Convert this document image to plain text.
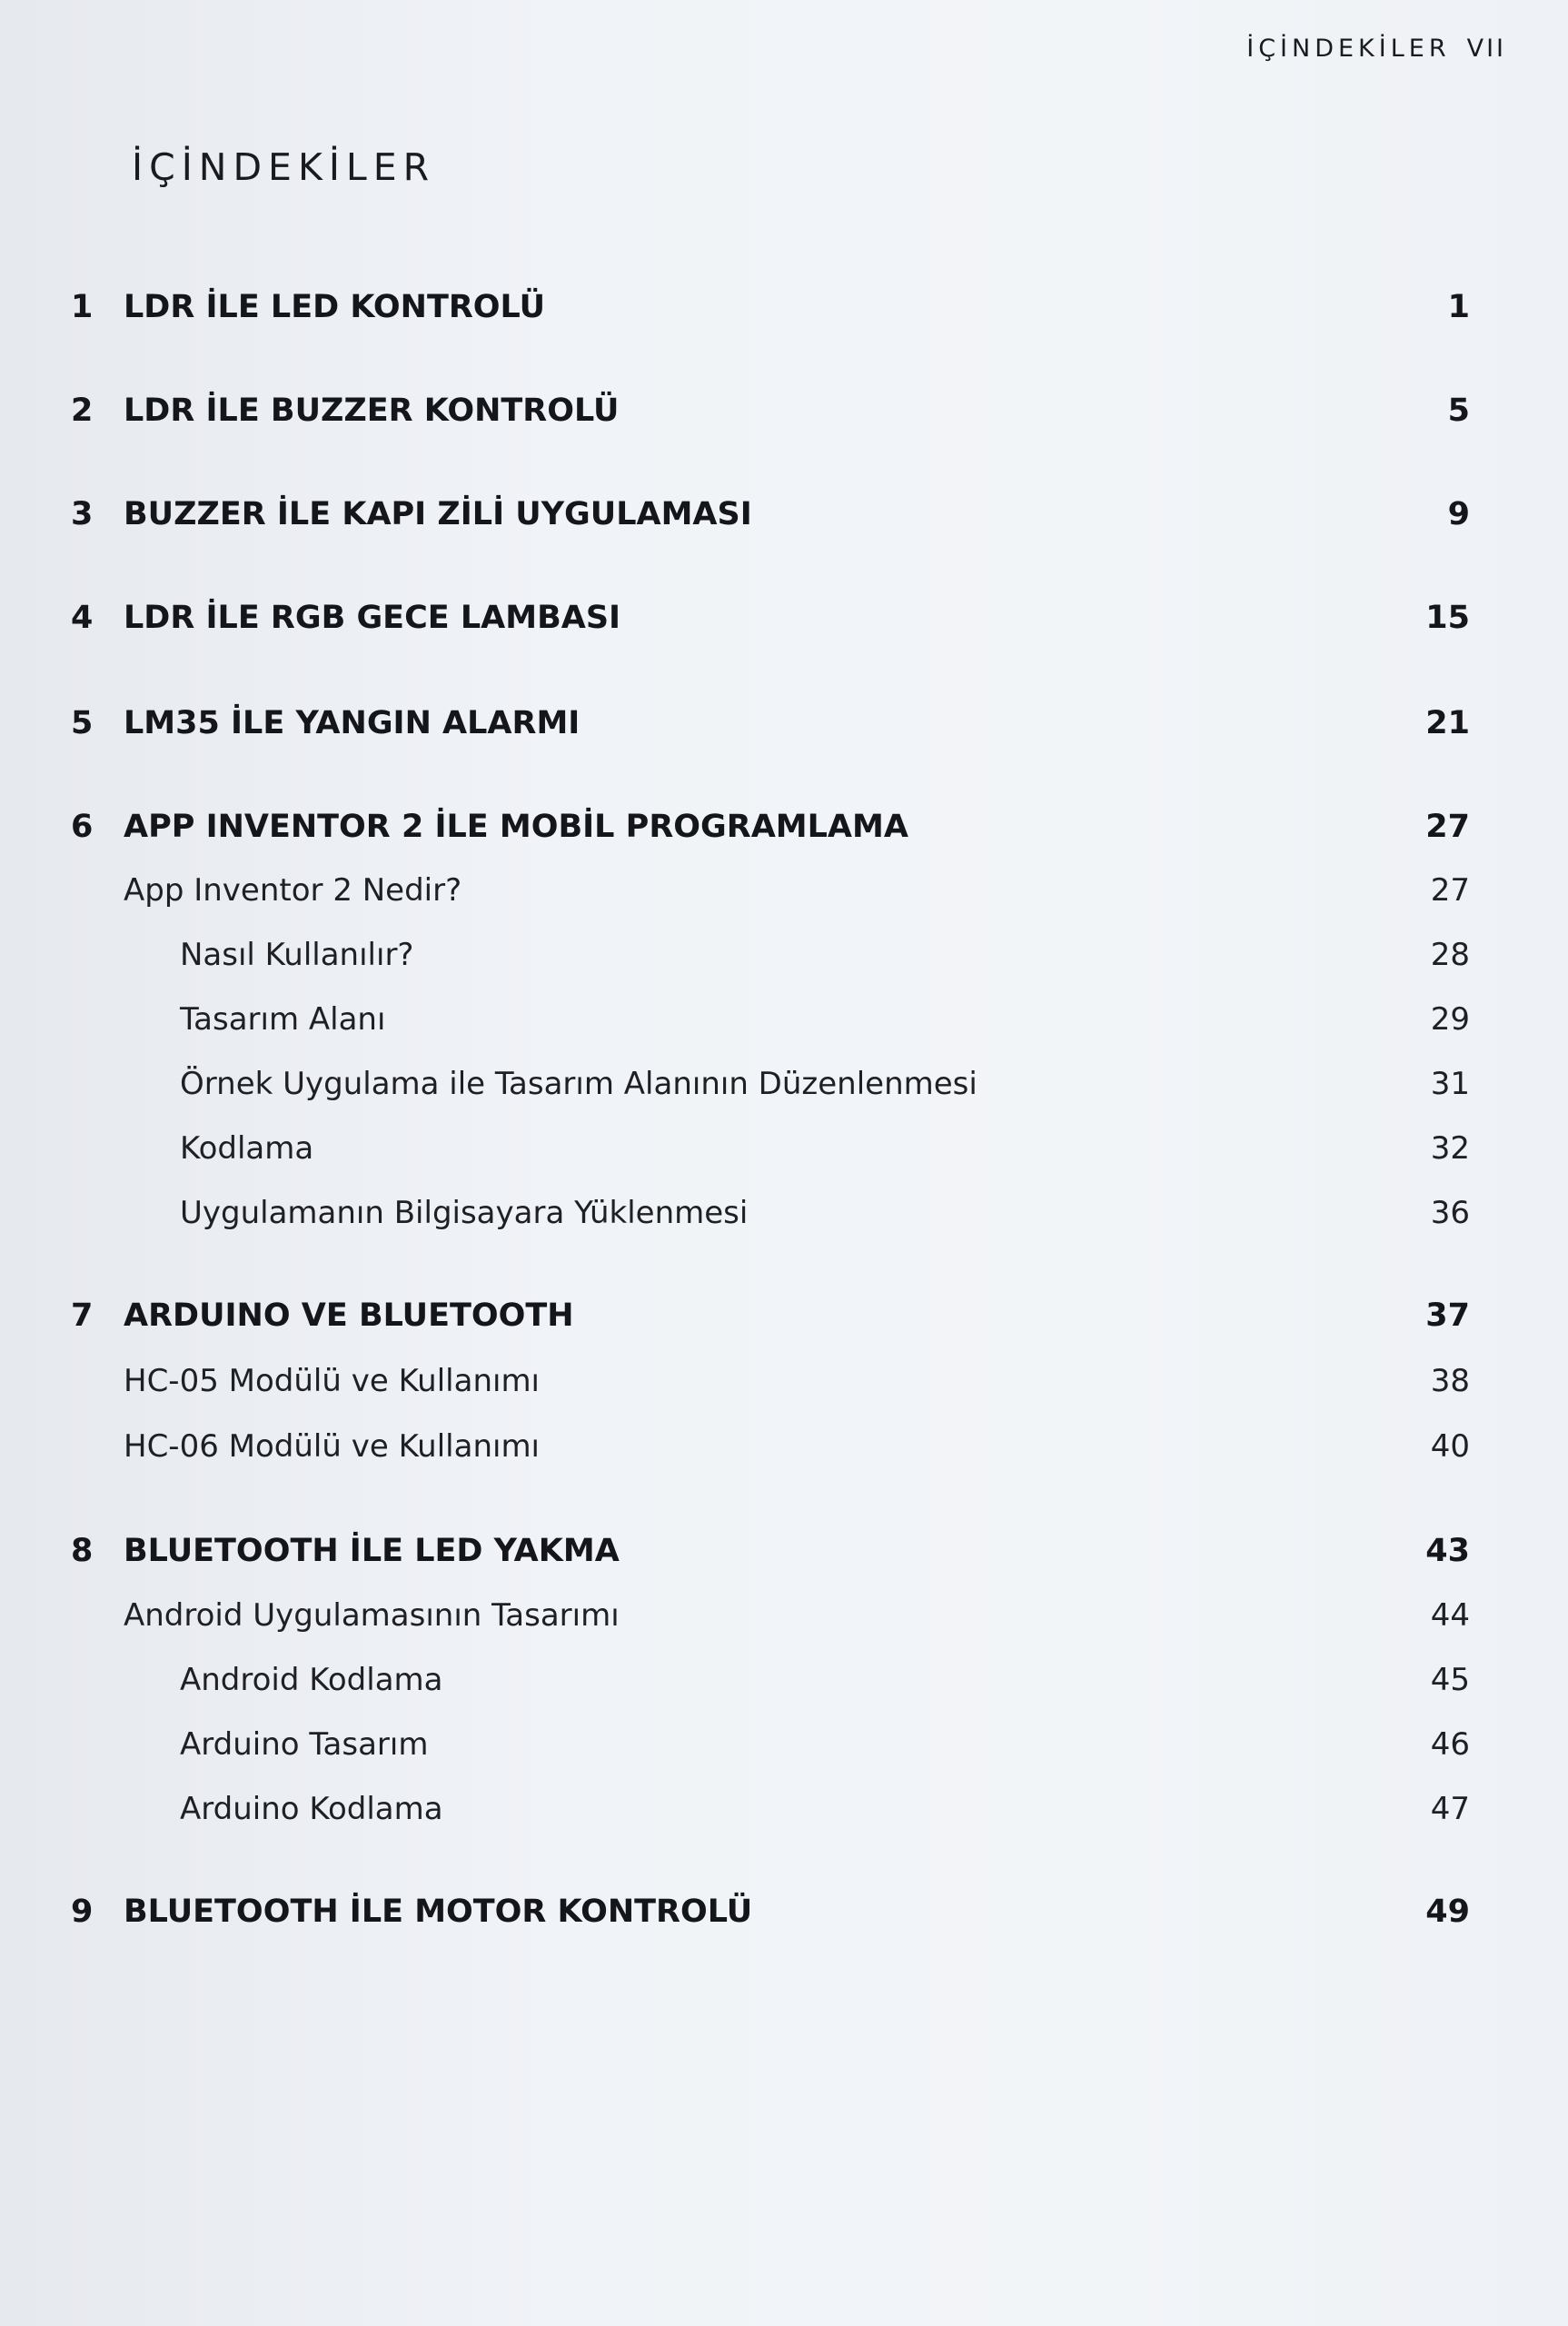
İÇİNDEKİLER VII
İÇİNDEKİLER
1 LDR İLE LED KONTROLÜ	1
2 LDR İLE BUZZER KONTROLÜ	5
3 BUZZER İLE KAPI ZİLİ UYGULAMASI	9
4 LDR İLE RGB GECE LAMBASI	15
5 LM35 İLE YANGIN ALARMI	21
6 APP INVENTOR 2 İLE MOBİL PROGRAMLAMA	27
App Inventor 2 Nedir?	27
Nasıl Kullanılır?	28
Tasarım Alanı	29
Örnek Uygulama ile Tasarım Alanının Düzenlenmesi	31
Kodlama	32
Uygulamanın Bilgisayara Yüklenmesi	36
7 ARDUINO VE BLUETOOTH	37
HC-05 Modülü ve Kullanımı	38
HC-06 Modülü ve Kullanımı	40
8 BLUETOOTH İLE LED YAKMA	43
Android Uygulamasının Tasarımı	44
Android Kodlama	45
Arduino Tasarım	46
Arduino Kodlama	47
9 BLUETOOTH İLE MOTOR KONTROLÜ	49
